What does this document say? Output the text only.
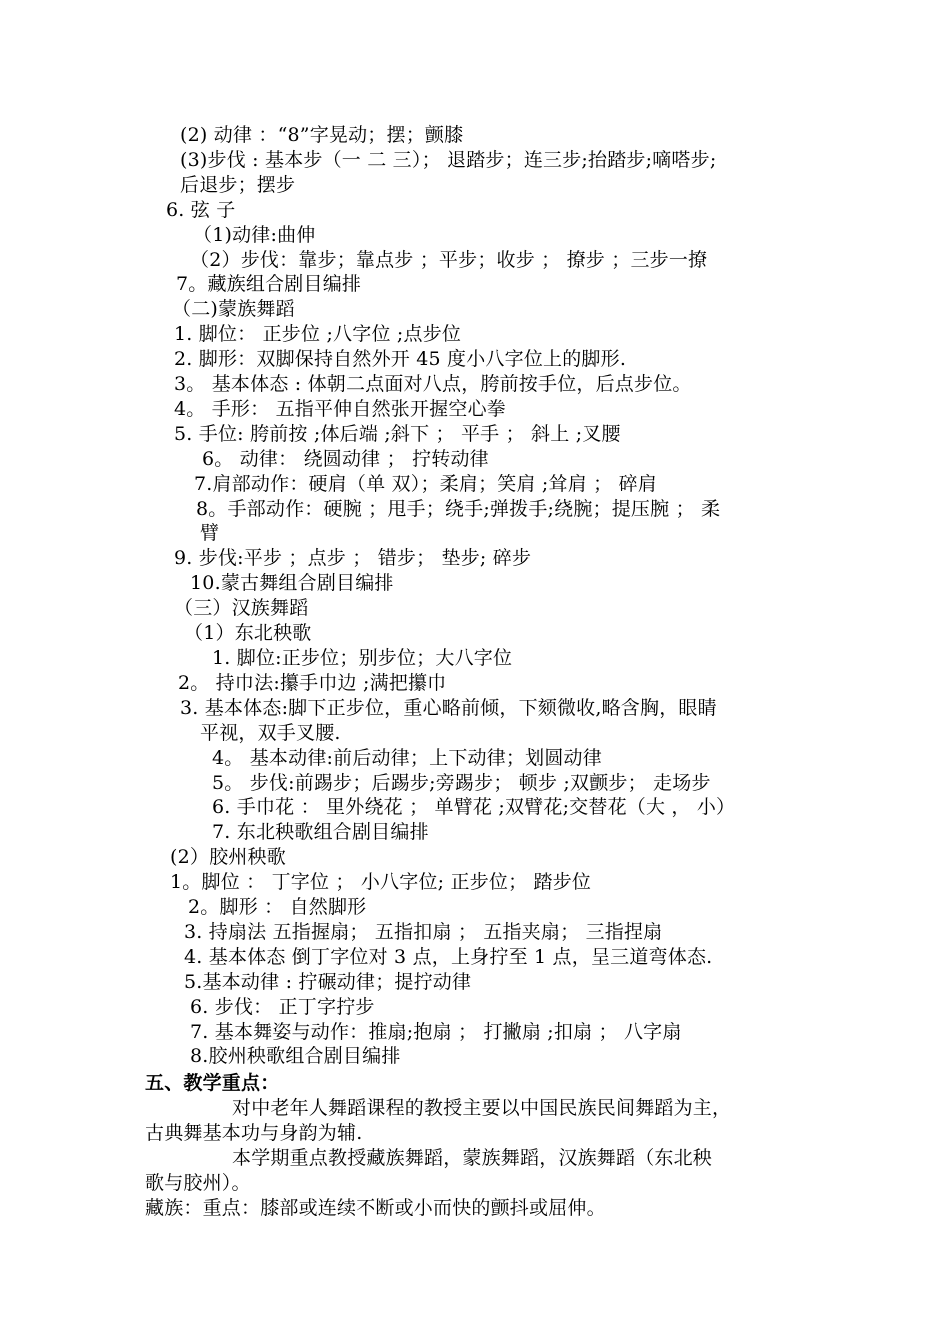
(2) 动律 ：“8”字晃动；摆；颤膝
(3)步伐 : 基本步（一 二 三）； 退踏步；连三步;抬踏步;嘀嗒步;
后退步；摆步
6. 弦 子
（1)动律:曲伸
（2）步伐：靠步；靠点步 ；平步；收步 ； 撩步 ；三步一撩
7。藏族组合剧目编排
（二)蒙族舞蹈
1. 脚位： 正步位 ;八字位 ;点步位
2. 脚形：双脚保持自然外开 45 度小八字位上的脚形.
3。 基本体态 : 体朝二点面对八点，胯前按手位，后点步位。
4。 手形： 五指平伸自然张开握空心拳
5. 手位: 胯前按 ;体后端 ;斜下 ； 平手 ； 斜上 ;叉腰
6。 动律： 绕圆动律 ； 拧转动律
7.肩部动作：硬肩（单 双）；柔肩；笑肩 ;耸肩 ； 碎肩
8。手部动作：硬腕 ；甩手；绕手;弹拨手;绕腕；提压腕 ； 柔
臂
9. 步伐:平步 ；点步 ； 错步； 垫步; 碎步
10.蒙古舞组合剧目编排
（三）汉族舞蹈
（1）东北秧歌
1. 脚位:正步位；别步位；大八字位
2。 持巾法:攥手巾边 ;满把攥巾
3. 基本体态:脚下正步位，重心略前倾，下颏微收,略含胸，眼睛
平视，双手叉腰.
4。 基本动律:前后动律；上下动律；划圆动律
5。 步伐:前踢步；后踢步;旁踢步； 顿步 ;双颤步； 走场步
6. 手巾花 ： 里外绕花 ； 单臂花 ;双臂花;交替花（大 ， 小）
7. 东北秧歌组合剧目编排
(2）胶州秧歌
1。脚位 ： 丁字位 ； 小八字位; 正步位； 踏步位
2。脚形 ： 自然脚形
3. 持扇法 五指握扇； 五指扣扇 ； 五指夹扇； 三指捏扇
4. 基本体态 倒丁字位对 3 点，上身拧至 1 点，呈三道弯体态.
5.基本动律 : 拧碾动律；提拧动律
6. 步伐： 正丁字拧步
7. 基本舞姿与动作：推扇;抱扇 ； 打撇扇 ;扣扇 ； 八字扇
8.胶州秧歌组合剧目编排
五、教学重点：
对中老年人舞蹈课程的教授主要以中国民族民间舞蹈为主，
古典舞基本功与身韵为辅.
本学期重点教授藏族舞蹈，蒙族舞蹈，汉族舞蹈（东北秧
歌与胶州）。
藏族：重点：膝部或连续不断或小而快的颤抖或屈伸。
